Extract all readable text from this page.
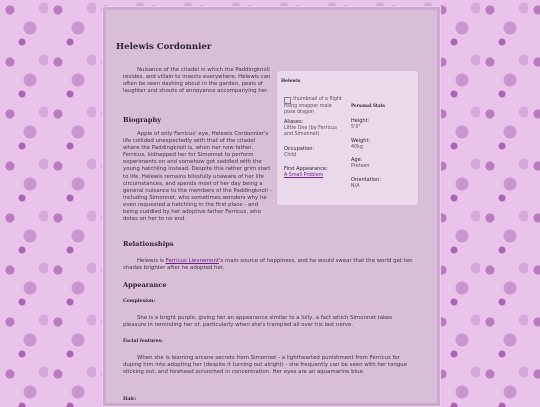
Helewis Cordonnier
Nuisance of the citadel in which the Paddingknoll resides, and villain to insects everywhere, Helewis can often be seen dashing about in the garden, peals of laughter and shouts of annoyance accompanying her.
Biography
Apple of only Ferricus' eye, Helewis Cordonnier's life collided unexpectedly with that of the citadel where the Paddingknoll is, when her now father, Ferricus, kidnapped her for Simonnet to perform experiments on and somehow got saddled with the young hatchling instead. Despite this rather grim start to life, Helewis remains blissfully unaware of her life circumstances, and spends most of her day being a general nuisance to the members of the Paddingknoll - including Simonnet, who sometimes wonders why he even requested a hatchling in the first place - and being cuddled by her adoptive father Ferricus, who dotes on her to no end.
Helewis
thumbnail of a flight rising snapper male pose dragon
Aliases:
Little One (by Ferricus and Simonnet)
Occupation:
Child
First Appearance:
A Small Problem
Personal Stats
Height:
5'0"
Weight:
40kg
Age:
Preteen
Orientation:
N/A
Relationships
Helewis is Ferricus Lievremont's main source of happiness, and he would swear that the world get ten shades brighter after he adopted her.
Appearance
Complexion:
She is a bright purple, giving her an appearance similar to a lolly, a fact which Simonnet takes pleasure in reminding her of, particularly when she's trampled all over his last nerve.
Facial features:
When she is learning arcane secrets from Simonnet - a lighthearted punishment from Ferricus for duping him into adopting her (despite it turning out alright) - she frequently can be seen with her tongue sticking out, and forehead scrunched in concentration. Her eyes are an aquamarine blue.
Hair:
